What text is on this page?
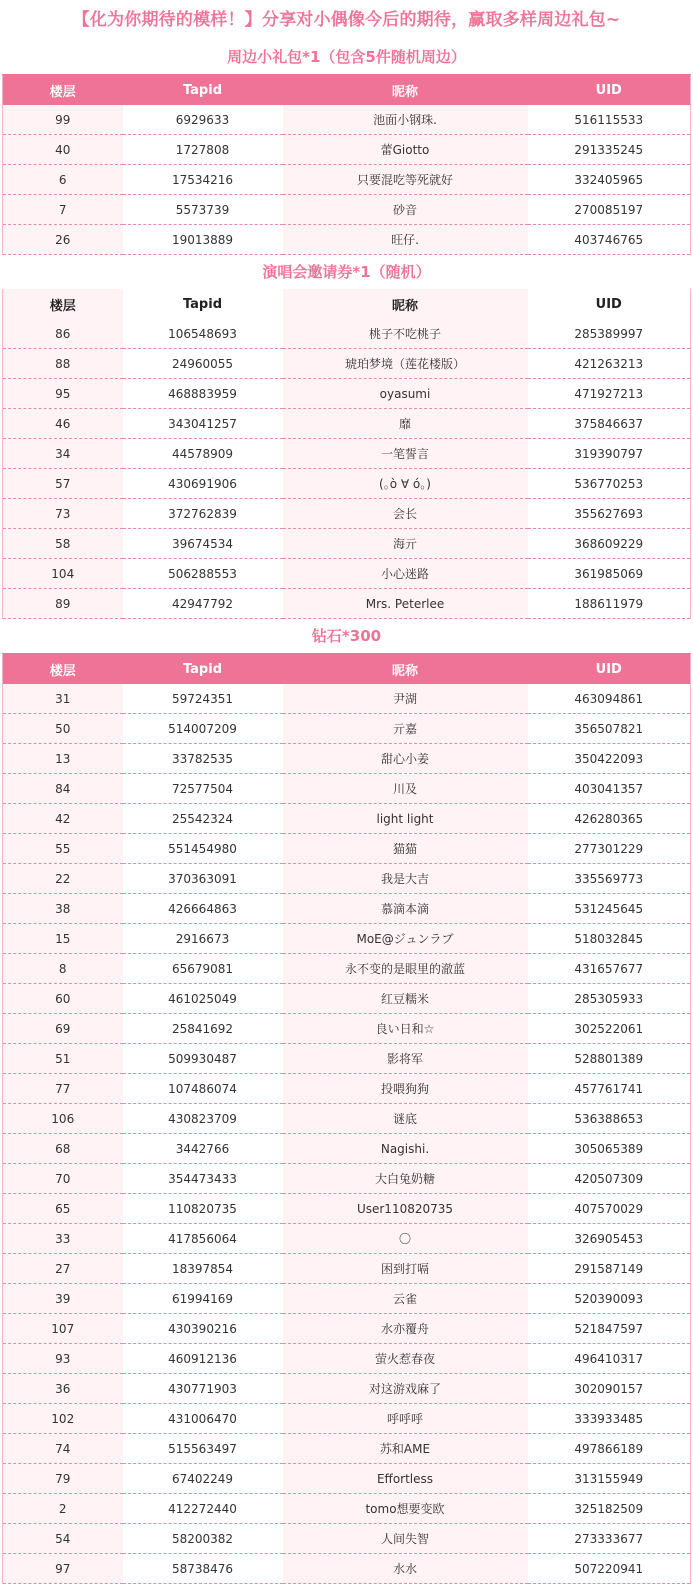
【化为你期待的模样！】分享对小偶像今后的期待，赢取多样周边礼包~
周边小礼包*1（包含5件随机周边）
楼层	Tapid	昵称	UID
99	6929633	池面小钢珠.	516115533
40	1727808	蕾Giotto	291335245
6	17534216	只要混吃等死就好	332405965
7	5573739	砂音	270085197
26	19013889	旺仔.	403746765
演唱会邀请券*1（随机）
楼层	Tapid	昵称	UID
86	106548693	桃子不吃桃子	285389997
88	24960055	琥珀梦境（莲花楼版）	421263213
95	468883959	oyasumi	471927213
46	343041257	靡	375846637
34	44578909	一笔誓言	319390797
57	430691906	(｡ò ∀ ó｡)	536770253
73	372762839	会长	355627693
58	39674534	海亓	368609229
104	506288553	小心迷路	361985069
89	42947792	Mrs. Peterlee	188611979
钻石*300
楼层	Tapid	昵称	UID
31	59724351	尹湖	463094861
50	514007209	亓嘉	356507821
13	33782535	甜心小姜	350422093
84	72577504	川及	403041357
42	25542324	light light	426280365
55	551454980	猫猫	277301229
22	370363091	我是大吉	335569773
38	426664863	慕滴本滴	531245645
15	2916673	MoE@ジュンラブ	518032845
8	65679081	永不变的是眼里的澈蓝	431657677
60	461025049	红豆糯米	285305933
69	25841692	良い日和☆	302522061
51	509930487	影将军	528801389
77	107486074	投喂狗狗	457761741
106	430823709	谜底	536388653
68	3442766	Nagishi.	305065389
70	354473433	大白兔奶糖	420507309
65	110820735	User110820735	407570029
33	417856064	〇	326905453
27	18397854	困到打嗝	291587149
39	61994169	云雀	520390093
107	430390216	水亦覆舟	521847597
93	460912136	萤火惹春夜	496410317
36	430771903	对这游戏麻了	302090157
102	431006470	呼呼呼	333933485
74	515563497	苏和AME	497866189
79	67402249	Effortless	313155949
2	412272440	tomo想要变欧	325182509
54	58200382	人间失智	273333677
97	58738476	水水	507220941
